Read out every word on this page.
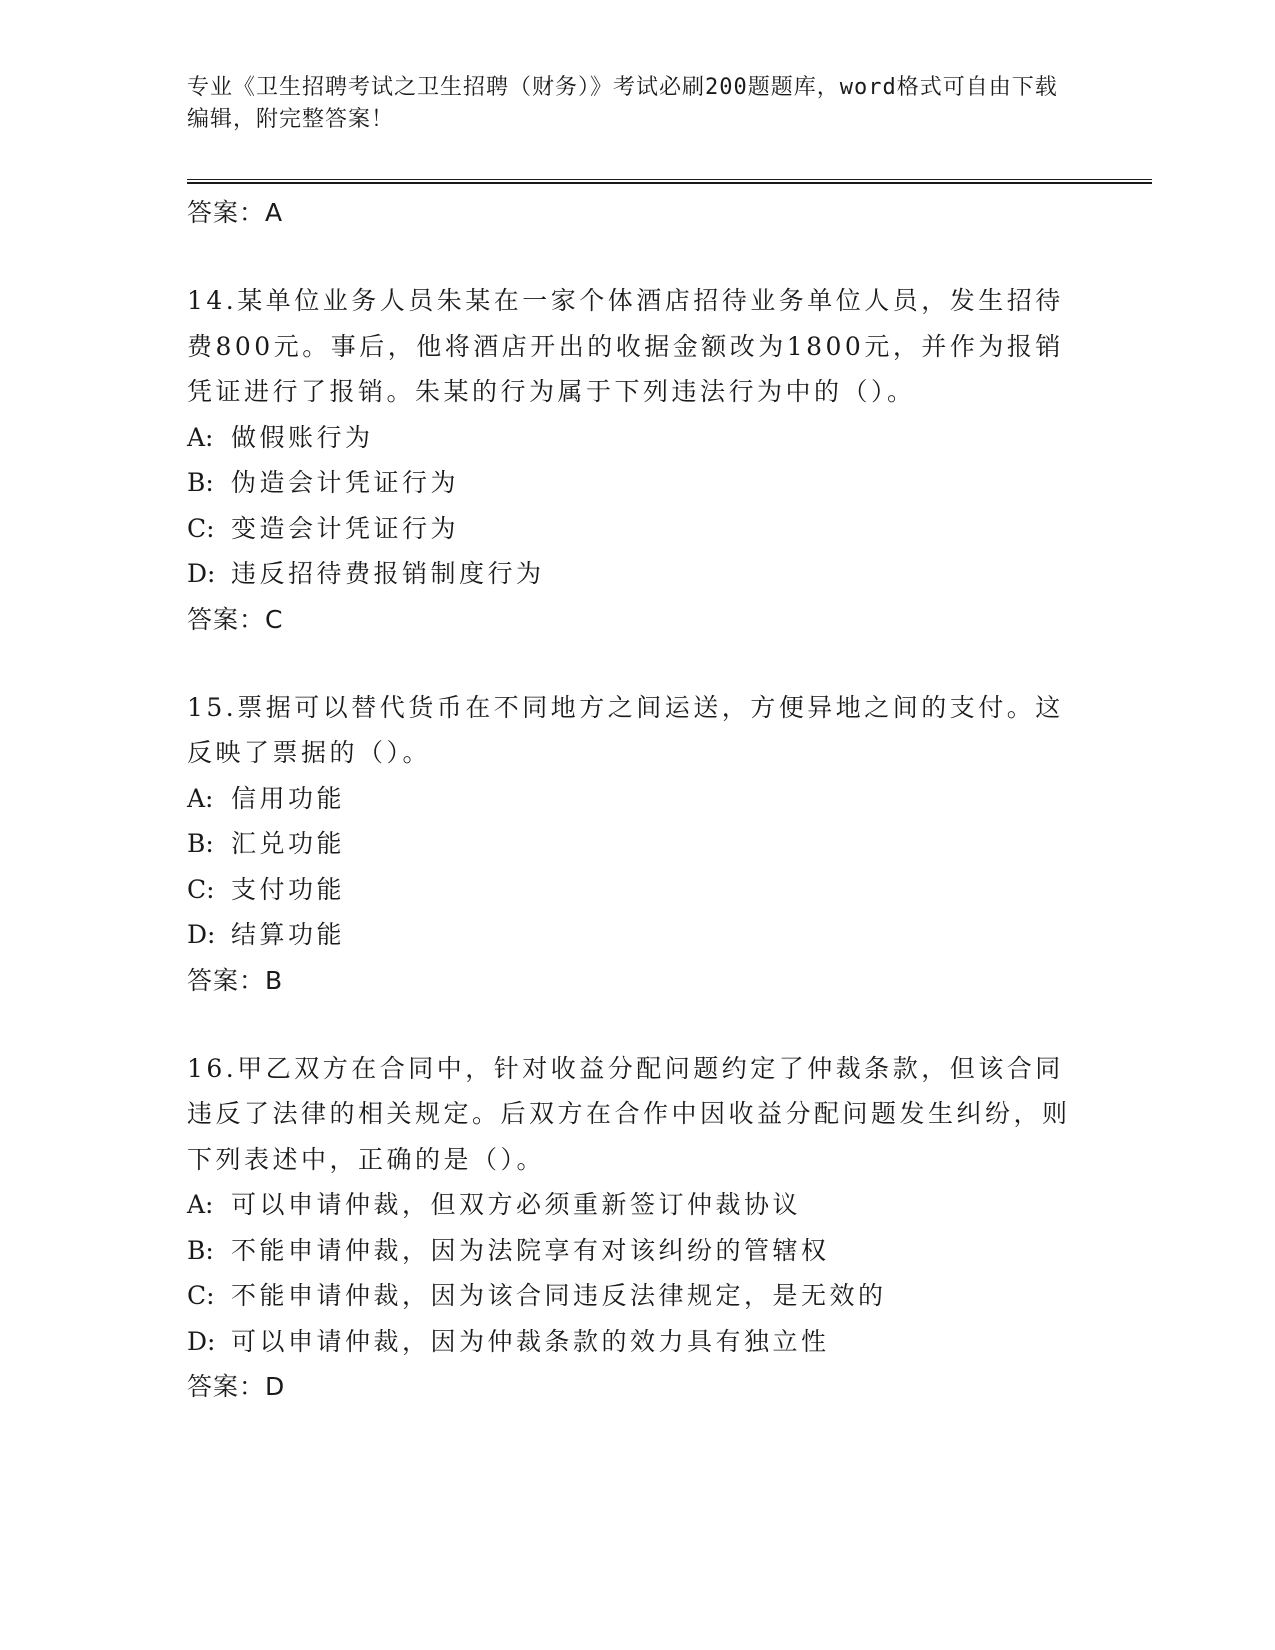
专业《卫生招聘考试之卫生招聘（财务）》考试必刷200题题库，word格式可自由下载编辑，附完整答案！
答案：A
14.某单位业务人员朱某在一家个体酒店招待业务单位人员，发生招待费800元。事后，他将酒店开出的收据金额改为1800元，并作为报销凭证进行了报销。朱某的行为属于下列违法行为中的（）。
A: 做假账行为
B: 伪造会计凭证行为
C: 变造会计凭证行为
D: 违反招待费报销制度行为
答案：C
15.票据可以替代货币在不同地方之间运送，方便异地之间的支付。这反映了票据的（）。
A: 信用功能
B: 汇兑功能
C: 支付功能
D: 结算功能
答案：B
16.甲乙双方在合同中，针对收益分配问题约定了仲裁条款，但该合同违反了法律的相关规定。后双方在合作中因收益分配问题发生纠纷，则下列表述中，正确的是（）。
A: 可以申请仲裁，但双方必须重新签订仲裁协议
B: 不能申请仲裁，因为法院享有对该纠纷的管辖权
C: 不能申请仲裁，因为该合同违反法律规定，是无效的
D: 可以申请仲裁，因为仲裁条款的效力具有独立性
答案：D
